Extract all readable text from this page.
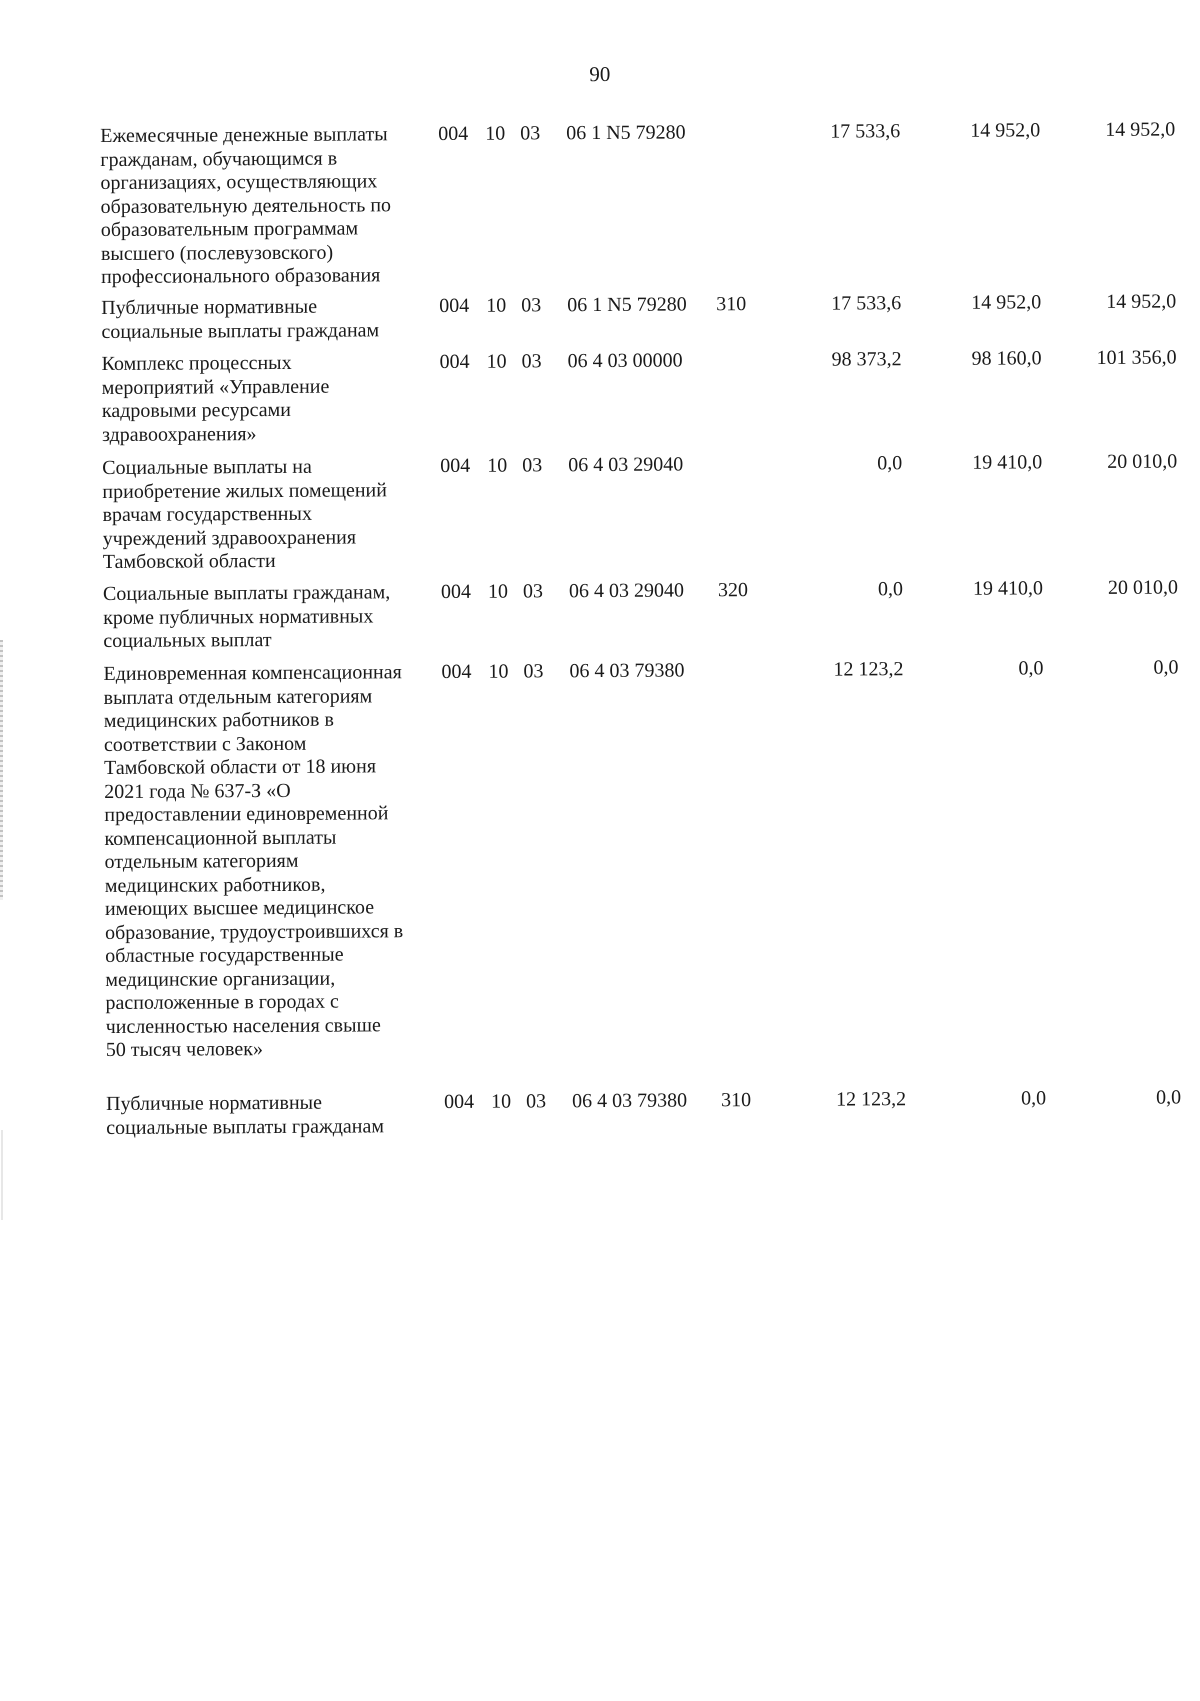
90
Ежемесячные денежные выплаты гражданам, обучающимся в организациях, осуществляющих образовательную деятельность по образовательным программам высшего (послевузовского) профессионального образования
004 10 03 06 1 N5 79280	17 533,6	14 952,0	14 952,0
Публичные нормативные социальные выплаты гражданам
004 10 03 06 1 N5 79280 310	17 533,6	14 952,0	14 952,0
Комплекс процессных мероприятий «Управление кадровыми ресурсами здравоохранения»
004 10 03 06 4 03 00000	98 373,2	98 160,0	101 356,0
Социальные выплаты на приобретение жилых помещений врачам государственных учреждений здравоохранения Тамбовской области
004 10 03 06 4 03 29040	0,0	19 410,0	20 010,0
Социальные выплаты гражданам, кроме публичных нормативных социальных выплат
004 10 03 06 4 03 29040 320	0,0	19 410,0	20 010,0
Единовременная компенсационная выплата отдельным категориям медицинских работников в соответствии с Законом Тамбовской области от 18 июня 2021 года № 637-З «О предоставлении единовременной компенсационной выплаты отдельным категориям медицинских работников, имеющих высшее медицинское образование, трудоустроившихся в областные государственные медицинские организации, расположенные в городах с численностью населения свыше 50 тысяч человек»
004 10 03 06 4 03 79380	12 123,2	0,0	0,0
Публичные нормативные социальные выплаты гражданам
004 10 03 06 4 03 79380 310	12 123,2	0,0	0,0
